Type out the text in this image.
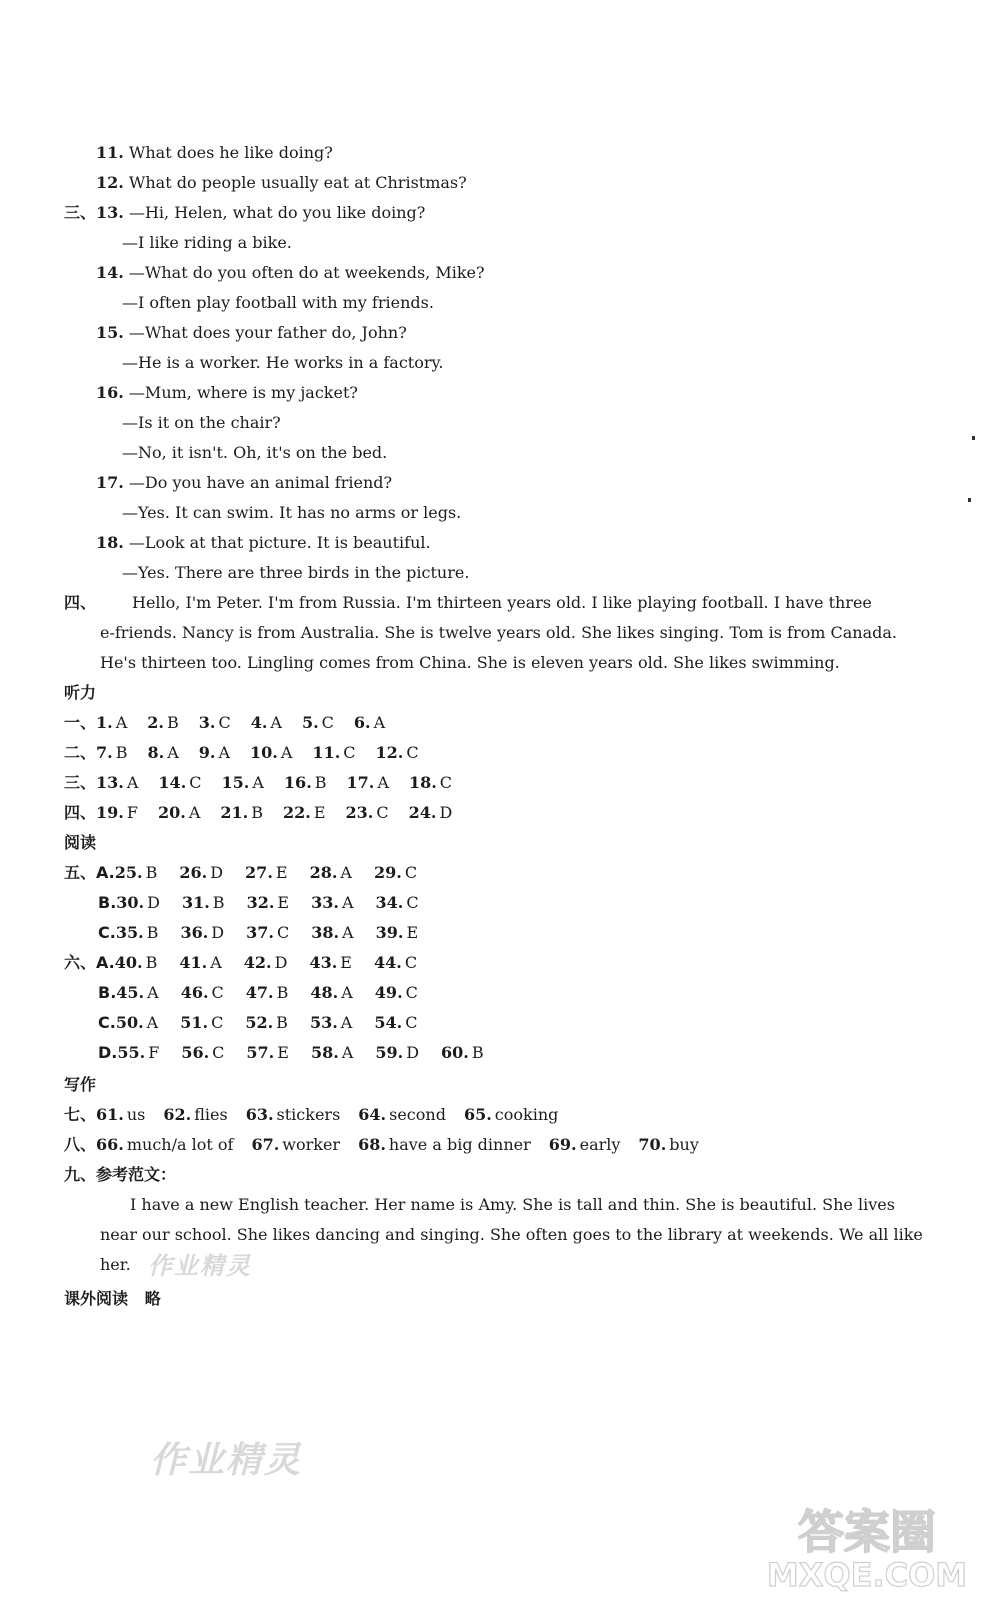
11. What does he like doing?
12. What do people usually eat at Christmas?
三、13. —Hi, Helen, what do you like doing?
—I like riding a bike.
14. —What do you often do at weekends, Mike?
—I often play football with my friends.
15. —What does your father do, John?
—He is a worker. He works in a factory.
16. —Mum, where is my jacket?
—Is it on the chair?
—No, it isn't. Oh, it's on the bed.
17. —Do you have an animal friend?
—Yes. It can swim. It has no arms or legs.
18. —Look at that picture. It is beautiful.
—Yes. There are three birds in the picture.
四、 Hello, I'm Peter. I'm from Russia. I'm thirteen years old. I like playing football. I have three
e-friends. Nancy is from Australia. She is twelve years old. She likes singing. Tom is from Canada.
He's thirteen too. Lingling comes from China. She is eleven years old. She likes swimming.
听力
一、1. A 2. B 3. C 4. A 5. C 6. A
二、7. B 8. A 9. A 10. A 11. C 12. C
三、13. A 14. C 15. A 16. B 17. A 18. C
四、19. F 20. A 21. B 22. E 23. C 24. D
阅读
五、A.25. B 26. D 27. E 28. A 29. C
B.30. D 31. B 32. E 33. A 34. C
C.35. B 36. D 37. C 38. A 39. E
六、A.40. B 41. A 42. D 43. E 44. C
B.45. A 46. C 47. B 48. A 49. C
C.50. A 51. C 52. B 53. A 54. C
D.55. F 56. C 57. E 58. A 59. D 60. B
写作
七、61. us 62. flies 63. stickers 64. second 65. cooking
八、66. much/a lot of 67. worker 68. have a big dinner 69. early 70. buy
九、参考范文：
I have a new English teacher. Her name is Amy. She is tall and thin. She is beautiful. She lives
near our school. She likes dancing and singing. She often goes to the library at weekends. We all like
her.
课外阅读 略
作业精灵
作业精灵
答案圈
MXQE.COM
